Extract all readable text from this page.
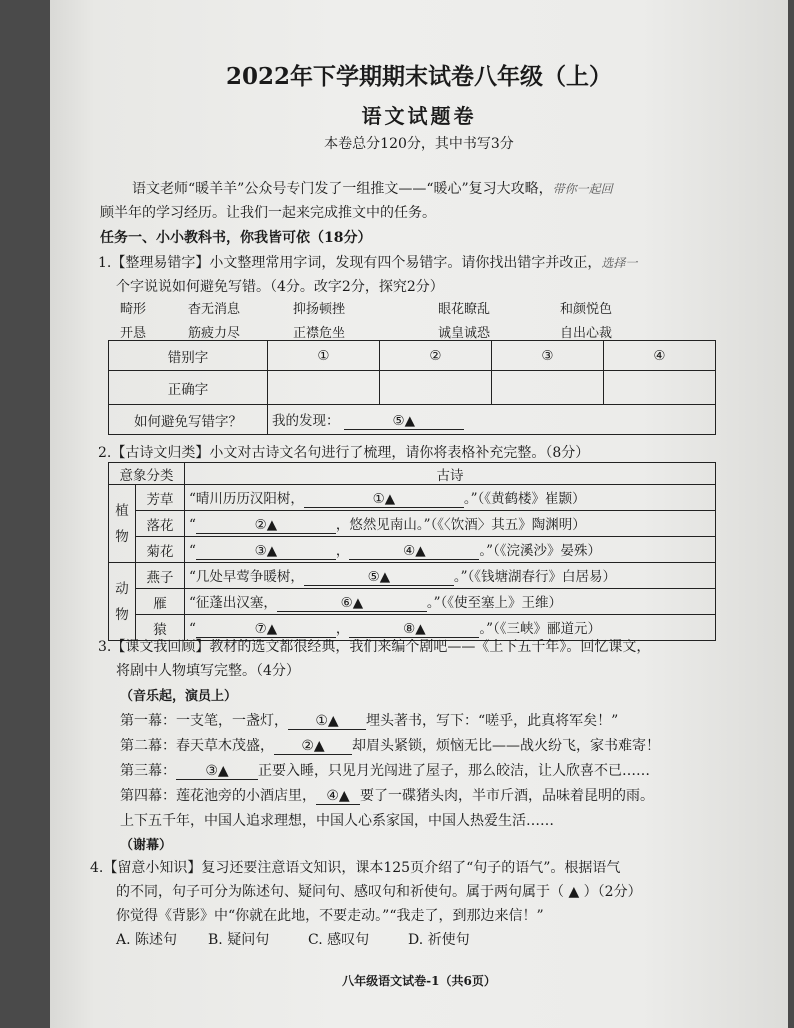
2022年下学期期末试卷八年级（上）
语文试题卷
本卷总分120分，其中书写3分
语文老师“暖羊羊”公众号专门发了一组推文——“暖心”复习大攻略，带你一起回
顾半年的学习经历。让我们一起来完成推文中的任务。
任务一、小小教科书，你我皆可依（18分）
1.【整理易错字】小文整理常用字词，发现有四个易错字。请你找出错字并改正，选择一
个字说说如何避免写错。（4分。改字2分，探究2分）
畸形	杳无消息	抑扬顿挫	眼花瞭乱	和颜悦色
开恳	筋疲力尽	正襟危坐	诚皇诚恐	自出心裁
错别字	①	②	③	④
正确字				
如何避免写错字？	我的发现： ⑤▲			
2.【古诗文归类】小文对古诗文名句进行了梳理，请你将表格补充完整。（8分）
意象分类		古诗
植物	芳草	“晴川历历汉阳树， ①▲ 。”（《黄鹤楼》崔颢）
	落花	“ ②▲ ，悠然见南山。”（《〈饮酒〉其五》陶渊明）
	菊花	“ ③▲ ， ④▲ 。”（《浣溪沙》晏殊）
动物	燕子	“几处早莺争暖树， ⑤▲ 。”（《钱塘湖春行》白居易）
	雁	“征蓬出汉塞， ⑥▲ 。”（《使至塞上》王维）
	猿	“ ⑦▲ ， ⑧▲ 。”（《三峡》郦道元）
3.【课文我回顾】教材的选文都很经典，我们来编个剧吧——《上下五千年》。回忆课文，
将剧中人物填写完整。（4分）
（音乐起，演员上）
第一幕：一支笔，一盏灯， ①▲ 埋头著书，写下：“嗟乎，此真将军矣！”
第二幕：春天草木茂盛， ②▲ 却眉头紧锁，烦恼无比——战火纷飞，家书难寄！
第三幕： ③▲ 正要入睡，只见月光闯进了屋子，那么皎洁，让人欣喜不已……
第四幕：莲花池旁的小酒店里， ④▲ 要了一碟猪头肉，半市斤酒，品味着昆明的雨。
上下五千年，中国人追求理想，中国人心系家国，中国人热爱生活……
（谢幕）
4.【留意小知识】复习还要注意语文知识，课本125页介绍了“句子的语气”。根据语气
的不同，句子可分为陈述句、疑问句、感叹句和祈使句。属于两句属于（ ▲ ）（2分）
你觉得《背影》中“你就在此地，不要走动。”“我走了，到那边来信！”
A. 陈述句 B. 疑问句	C. 感叹句	D. 祈使句
八年级语文试卷-1（共6页）
